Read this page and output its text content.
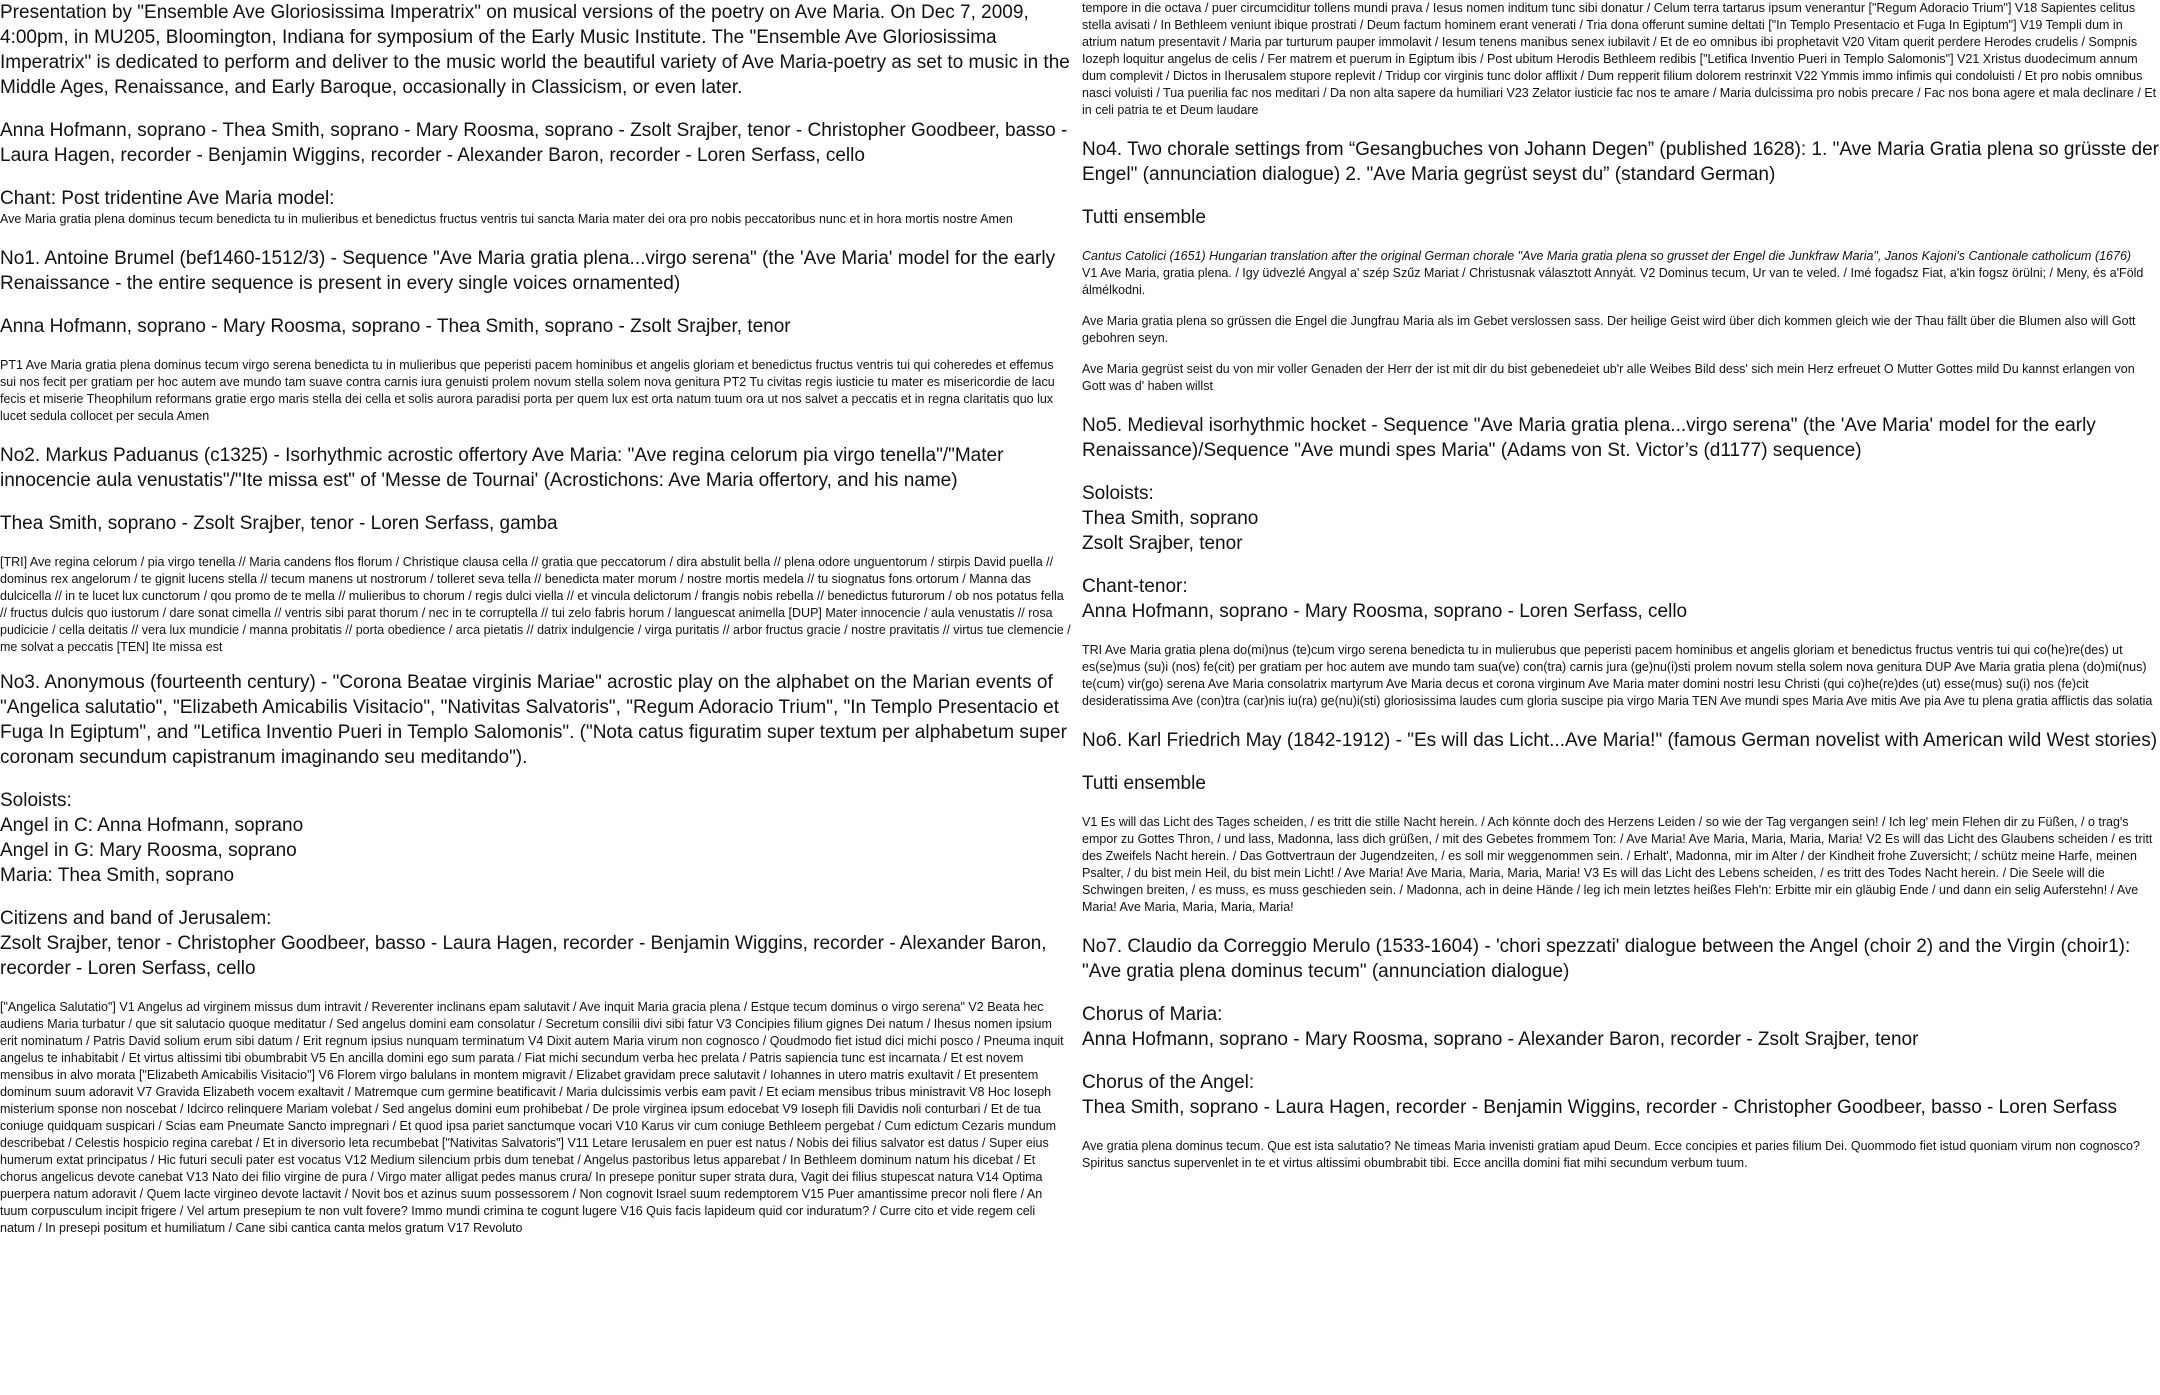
Presentation by "Ensemble Ave Gloriosissima Imperatrix" on musical versions of the poetry on Ave Maria. On Dec 7, 2009, 4:00pm, in MU205, Bloomington, Indiana for symposium of the Early Music Institute. The "Ensemble Ave Gloriosissima Imperatrix" is dedicated to perform and deliver to the music world the beautiful variety of Ave Maria-poetry as set to music in the Middle Ages, Renaissance, and Early Baroque, occasionally in Classicism, or even later.

Anna Hofmann, soprano - Thea Smith, soprano - Mary Roosma, soprano - Zsolt Srajber, tenor - Christopher Goodbeer, basso - Laura Hagen, recorder - Benjamin Wiggins, recorder - Alexander Baron, recorder - Loren Serfass, cello

Chant: Post tridentine Ave Maria model:

Ave Maria gratia plena dominus tecum benedicta tu in mulieribus et benedictus fructus ventris tui sancta Maria mater dei ora pro nobis peccatoribus nunc et in hora mortis nostre Amen

No1. Antoine Brumel (bef1460-1512/3) - Sequence "Ave Maria gratia plena...virgo serena" (the 'Ave Maria' model for the early Renaissance - the entire sequence is present in every single voices ornamented)

Anna Hofmann, soprano - Mary Roosma, soprano - Thea Smith, soprano - Zsolt Srajber, tenor

PT1 Ave Maria gratia plena dominus tecum virgo serena benedicta tu in mulieribus que peperisti pacem hominibus et angelis gloriam et benedictus fructus ventris tui qui coheredes et effemus sui nos fecit per gratiam per hoc autem ave mundo tam suave contra carnis iura genuisti prolem novum stella solem nova genitura PT2 Tu civitas regis iusticie tu mater es misericordie de lacu fecis et miserie Theophilum reformans gratie ergo maris stella dei cella et solis aurora paradisi porta per quem lux est orta natum tuum ora ut nos salvet a peccatis et in regna claritatis quo lux lucet sedula collocet per secula Amen

No2. Markus Paduanus (c1325) - Isorhythmic acrostic offertory Ave Maria: "Ave regina celorum pia virgo tenella"/"Mater innocencie aula venustatis"/"Ite missa est" of 'Messe de Tournai' (Acrostichons: Ave Maria offertory, and his name)

Thea Smith, soprano - Zsolt Srajber, tenor - Loren Serfass, gamba

[TRI] Ave regina celorum / pia virgo tenella // Maria candens flos florum / Christique clausa cella // gratia que peccatorum / dira abstulit bella // plena odore unguentorum / stirpis David puella // dominus rex angelorum / te gignit lucens stella // tecum manens ut nostrorum / tolleret seva tella // benedicta mater morum / nostre mortis medela // tu siognatus fons ortorum / Manna das dulcicella // in te lucet lux cunctorum / qou promo de te mella // mulieribus to chorum / regis dulci viella // et vincula delictorum / frangis nobis rebella // benedictus futurorum / ob nos potatus fella // fructus dulcis quo iustorum / dare sonat cimella // ventris sibi parat thorum / nec in te corruptella // tui zelo fabris horum / languescat animella [DUP] Mater innocencie / aula venustatis // rosa pudicicie / cella deitatis // vera lux mundicie / manna probitatis // porta obedience / arca pietatis // datrix indulgencie / virga puritatis // arbor fructus gracie / nostre pravitatis // virtus tue clemencie / me solvat a peccatis [TEN] Ite missa est

No3. Anonymous (fourteenth century) - "Corona Beatae virginis Mariae" acrostic play on the alphabet on the Marian events of "Angelica salutatio", "Elizabeth Amicabilis Visitacio", "Nativitas Salvatoris", "Regum Adoracio Trium", "In Templo Presentacio et Fuga In Egiptum", and "Letifica Inventio Pueri in Templo Salomonis". ("Nota catus figuratim super textum per alphabetum super coronam secundum capistranum imaginando seu meditando").

Soloists:

Angel in C: Anna Hofmann, soprano

Angel in G: Mary Roosma, soprano

Maria: Thea Smith, soprano

Citizens and band of Jerusalem:

Zsolt Srajber, tenor - Christopher Goodbeer, basso - Laura Hagen, recorder - Benjamin Wiggins, recorder - Alexander Baron, recorder - Loren Serfass, cello

["Angelica Salutatio"] V1 Angelus ad virginem missus dum intravit / Reverenter inclinans epam salutavit / Ave inquit Maria gracia plena / Estque tecum dominus o virgo serena" V2 Beata hec audiens Maria turbatur / que sit salutacio quoque meditatur / Sed angelus domini eam consolatur / Secretum consilii divi sibi fatur V3 Concipies filium gignes Dei natum / Ihesus nomen ipsium erit nominatum / Patris David solium erum sibi datum / Erit regnum ipsius nunquam terminatum V4 Dixit autem Maria virum non cognosco / Qoudmodo fiet istud dici michi posco / Pneuma inquit angelus te inhabitabit / Et virtus altissimi tibi obumbrabit V5 En ancilla domini ego sum parata / Fiat michi secundum verba hec prelata / Patris sapiencia tunc est incarnata / Et est novem mensibus in alvo morata ["Elizabeth Amicabilis Visitacio"] V6 Florem virgo balulans in montem migravit / Elizabet gravidam prece salutavit / Iohannes in utero matris exultavit / Et presentem dominum suum adoravit V7 Gravida Elizabeth vocem exaltavit / Matremque cum germine beatificavit / Maria dulcissimis verbis eam pavit / Et eciam mensibus tribus ministravit V8 Hoc Ioseph misterium sponse non noscebat / Idcirco relinquere Mariam volebat / Sed angelus domini eum prohibebat / De prole virginea ipsum edocebat V9 Ioseph fili Davidis noli conturbari / Et de tua coniuge quidquam suspicari / Scias eam Pneumate Sancto impregnari / Et quod ipsa pariet sanctumque vocari V10 Karus vir cum coniuge Bethleem pergebat / Cum edictum Cezaris mundum describebat / Celestis hospicio regina carebat / Et in diversorio leta recumbebat ["Nativitas Salvatoris"] V11 Letare Ierusalem en puer est natus / Nobis dei filius salvator est datus / Super eius humerum extat principatus / Hic futuri seculi pater est vocatus V12 Medium silencium prbis dum tenebat / Angelus pastoribus letus apparebat / In Bethleem dominum natum his dicebat / Et chorus angelicus devote canebat V13 Nato dei filio virgine de pura / Virgo mater alligat pedes manus crura/ In presepe ponitur super strata dura, Vagit dei filius stupescat natura V14 Optima puerpera natum adoravit / Quem lacte virgineo devote lactavit / Novit bos et azinus suum possessorem / Non cognovit Israel suum redemptorem V15 Puer amantissime precor noli flere / An tuum corpusculum incipit frigere / Vel artum presepium te non vult fovere? Immo mundi crimina te cogunt lugere V16 Quis facis lapideum quid cor induratum? / Curre cito et vide regem celi natum / In presepi positum et humiliatum / Cane sibi cantica canta melos gratum V17 Revoluto

tempore in die octava / puer circumciditur tollens mundi prava / Iesus nomen inditum tunc sibi donatur / Celum terra tartarus ipsum venerantur ["Regum Adoracio Trium"] V18 Sapientes celitus stella avisati / In Bethleem veniunt ibique prostrati / Deum factum hominem erant venerati / Tria dona offerunt sumine deltati ["In Templo Presentacio et Fuga In Egiptum"] V19 Templi dum in atrium natum presentavit / Maria par turturum pauper immolavit / Iesum tenens manibus senex iubilavit / Et de eo omnibus ibi prophetavit V20 Vitam querit perdere Herodes crudelis / Sompnis Iozeph loquitur angelus de celis / Fer matrem et puerum in Egiptum ibis / Post ubitum Herodis Bethleem redibis ["Letifica Inventio Pueri in Templo Salomonis"] V21 Xristus duodecimum annum dum complevit / Dictos in Iherusalem stupore replevit / Tridup cor virginis tunc dolor afflixit / Dum repperit filium dolorem restrinxit V22 Ymmis immo infimis qui condoluisti / Et pro nobis omnibus nasci voluisti / Tua puerilia fac nos meditari / Da non alta sapere da humiliari V23 Zelator iusticie fac nos te amare / Maria dulcissima pro nobis precare / Fac nos bona agere et mala declinare / Et in celi patria te et Deum laudare

No4. Two chorale settings from “Gesangbuches von Johann Degen” (published 1628): 1. "Ave Maria Gratia plena so grüsste der Engel" (annunciation dialogue) 2. "Ave Maria gegrüst seyst du” (standard German)

Tutti ensemble

Cantus Catolici (1651) Hungarian translation after the original German chorale "Ave Maria gratia plena so grusset der Engel die Junkfraw Maria", Janos Kajoni's Cantionale catholicum (1676)

V1 Ave Maria, gratia plena. / Igy üdvezlé Angyal a' szép Szűz Mariat / Christusnak választott Annyát. V2 Dominus tecum, Ur van te veled. / Imé fogadsz Fiat, a'kin fogsz örülni; / Meny, és a'Föld álmélkodni.

Ave Maria gratia plena so grüssen die Engel die Jungfrau Maria als im Gebet verslossen sass. Der heilige Geist wird über dich kommen gleich wie der Thau fällt über die Blumen also will Gott gebohren seyn.

Ave Maria gegrüst seist du von mir voller Genaden der Herr der ist mit dir du bist gebenedeiet ub'r alle Weibes Bild dess' sich mein Herz erfreuet O Mutter Gottes mild Du kannst erlangen von Gott was d' haben willst

No5. Medieval isorhythmic hocket - Sequence "Ave Maria gratia plena...virgo serena" (the 'Ave Maria' model for the early Renaissance)/Sequence "Ave mundi spes Maria" (Adams von St. Victor’s (d1177) sequence)

Soloists:

Thea Smith, soprano

Zsolt Srajber, tenor

Chant-tenor:

Anna Hofmann, soprano - Mary Roosma, soprano - Loren Serfass, cello

TRI Ave Maria gratia plena do(mi)nus (te)cum virgo serena benedicta tu in mulierubus que peperisti pacem hominibus et angelis gloriam et benedictus fructus ventris tui qui co(he)re(des) ut es(se)mus (su)i (nos) fe(cit) per gratiam per hoc autem ave mundo tam sua(ve) con(tra) carnis jura (ge)nu(i)sti prolem novum stella solem nova genitura DUP Ave Maria gratia plena (do)mi(nus) te(cum) vir(go) serena Ave Maria consolatrix martyrum Ave Maria decus et corona virginum Ave Maria mater domini nostri Iesu Christi (qui co)he(re)des (ut) esse(mus) su(i) nos (fe)cit desideratissima Ave (con)tra (car)nis iu(ra) ge(nu)i(sti) gloriosissima laudes cum gloria suscipe pia virgo Maria TEN Ave mundi spes Maria Ave mitis Ave pia Ave tu plena gratia afflictis das solatia

No6. Karl Friedrich May (1842-1912) - "Es will das Licht...Ave Maria!" (famous German novelist with American wild West stories)

Tutti ensemble

V1 Es will das Licht des Tages scheiden, / es tritt die stille Nacht herein. / Ach könnte doch des Herzens Leiden / so wie der Tag vergangen sein! / Ich leg' mein Flehen dir zu Füßen, / o trag's empor zu Gottes Thron, / und lass, Madonna, lass dich grüßen, / mit des Gebetes frommem Ton: / Ave Maria! Ave Maria, Maria, Maria, Maria! V2 Es will das Licht des Glaubens scheiden / es tritt des Zweifels Nacht herein. / Das Gottvertraun der Jugendzeiten, / es soll mir weggenommen sein. / Erhalt', Madonna, mir im Alter / der Kindheit frohe Zuversicht; / schütz meine Harfe, meinen Psalter, / du bist mein Heil, du bist mein Licht! / Ave Maria! Ave Maria, Maria, Maria, Maria! V3 Es will das Licht des Lebens scheiden, / es tritt des Todes Nacht herein. / Die Seele will die Schwingen breiten, / es muss, es muss geschieden sein. / Madonna, ach in deine Hände / leg ich mein letztes heißes Fleh'n: Erbitte mir ein gläubig Ende / und dann ein selig Auferstehn! / Ave Maria! Ave Maria, Maria, Maria, Maria!

No7. Claudio da Correggio Merulo (1533-1604) - 'chori spezzati' dialogue between the Angel (choir 2) and the Virgin (choir1): "Ave gratia plena dominus tecum" (annunciation dialogue)

Chorus of Maria:

Anna Hofmann, soprano - Mary Roosma, soprano - Alexander Baron, recorder - Zsolt Srajber, tenor

Chorus of the Angel:

Thea Smith, soprano - Laura Hagen, recorder - Benjamin Wiggins, recorder - Christopher Goodbeer, basso - Loren Serfass

Ave gratia plena dominus tecum. Que est ista salutatio? Ne timeas Maria invenisti gratiam apud Deum. Ecce concipies et paries filium Dei. Quommodo fiet istud quoniam virum non cognosco? Spiritus sanctus supervenlet in te et virtus altissimi obumbrabit tibi. Ecce ancilla domini fiat mihi secundum verbum tuum.
